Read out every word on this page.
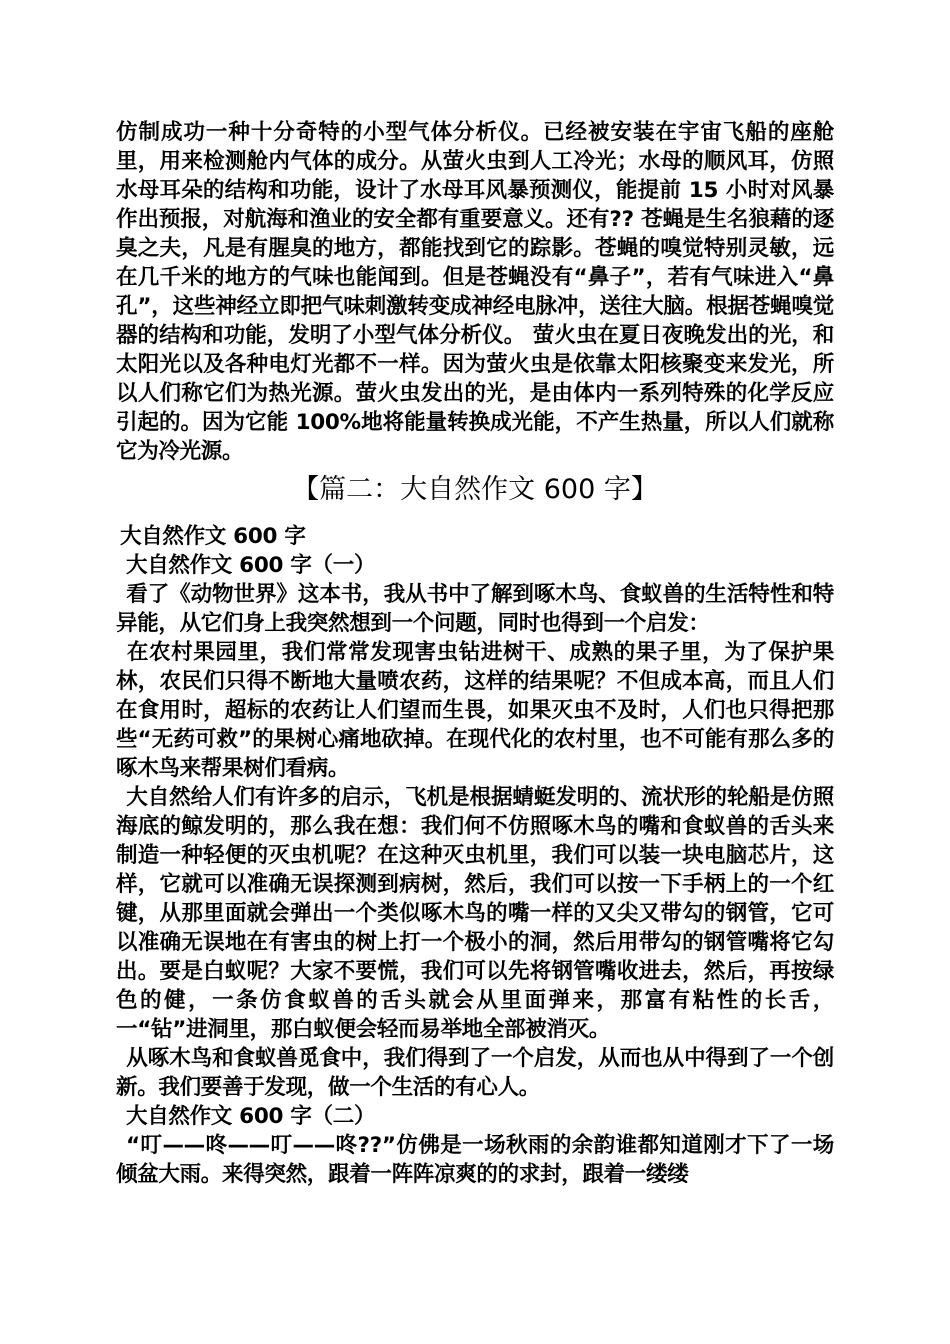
仿制成功一种十分奇特的小型气体分析仪。已经被安装在宇宙飞船的座舱里，用来检测舱内气体的成分。从萤火虫到人工冷光；水母的顺风耳，仿照水母耳朵的结构和功能，设计了水母耳风暴预测仪，能提前 15 小时对风暴作出预报，对航海和渔业的安全都有重要意义。还有?? 苍蝇是生名狼藉的逐臭之夫，凡是有腥臭的地方，都能找到它的踪影。苍蝇的嗅觉特别灵敏，远在几千米的地方的气味也能闻到。但是苍蝇没有“鼻子”，若有气味进入“鼻孔”，这些神经立即把气味刺激转变成神经电脉冲，送往大脑。根据苍蝇嗅觉器的结构和功能，发明了小型气体分析仪。 萤火虫在夏日夜晚发出的光，和太阳光以及各种电灯光都不一样。因为萤火虫是依靠太阳核聚变来发光，所以人们称它们为热光源。萤火虫发出的光，是由体内一系列特殊的化学反应引起的。因为它能 100%地将能量转换成光能，不产生热量，所以人们就称它为冷光源。

【篇二：大自然作文 600 字】

大自然作文 600 字

大自然作文 600 字（一）

看了《动物世界》这本书，我从书中了解到啄木鸟、食蚁兽的生活特性和特异能，从它们身上我突然想到一个问题，同时也得到一个启发：

在农村果园里，我们常常发现害虫钻进树干、成熟的果子里，为了保护果林，农民们只得不断地大量喷农药，这样的结果呢？不但成本高，而且人们在食用时，超标的农药让人们望而生畏，如果灭虫不及时，人们也只得把那些“无药可救”的果树心痛地砍掉。在现代化的农村里，也不可能有那么多的啄木鸟来帮果树们看病。

大自然给人们有许多的启示，飞机是根据蜻蜓发明的、流状形的轮船是仿照海底的鲸发明的，那么我在想：我们何不仿照啄木鸟的嘴和食蚁兽的舌头来制造一种轻便的灭虫机呢？在这种灭虫机里，我们可以装一块电脑芯片，这样，它就可以准确无误探测到病树，然后，我们可以按一下手柄上的一个红键，从那里面就会弹出一个类似啄木鸟的嘴一样的又尖又带勾的钢管，它可以准确无误地在有害虫的树上打一个极小的洞，然后用带勾的钢管嘴将它勾出。要是白蚁呢？大家不要慌，我们可以先将钢管嘴收进去，然后，再按绿色的健，一条仿食蚁兽的舌头就会从里面弹来，那富有粘性的长舌，一“钻”进洞里，那白蚁便会轻而易举地全部被消灭。

从啄木鸟和食蚁兽觅食中，我们得到了一个启发，从而也从中得到了一个创新。我们要善于发现，做一个生活的有心人。

大自然作文 600 字（二）

“叮——咚——叮——咚??”仿佛是一场秋雨的余韵谁都知道刚才下了一场倾盆大雨。来得突然，跟着一阵阵凉爽的的求封，跟着一缕缕
